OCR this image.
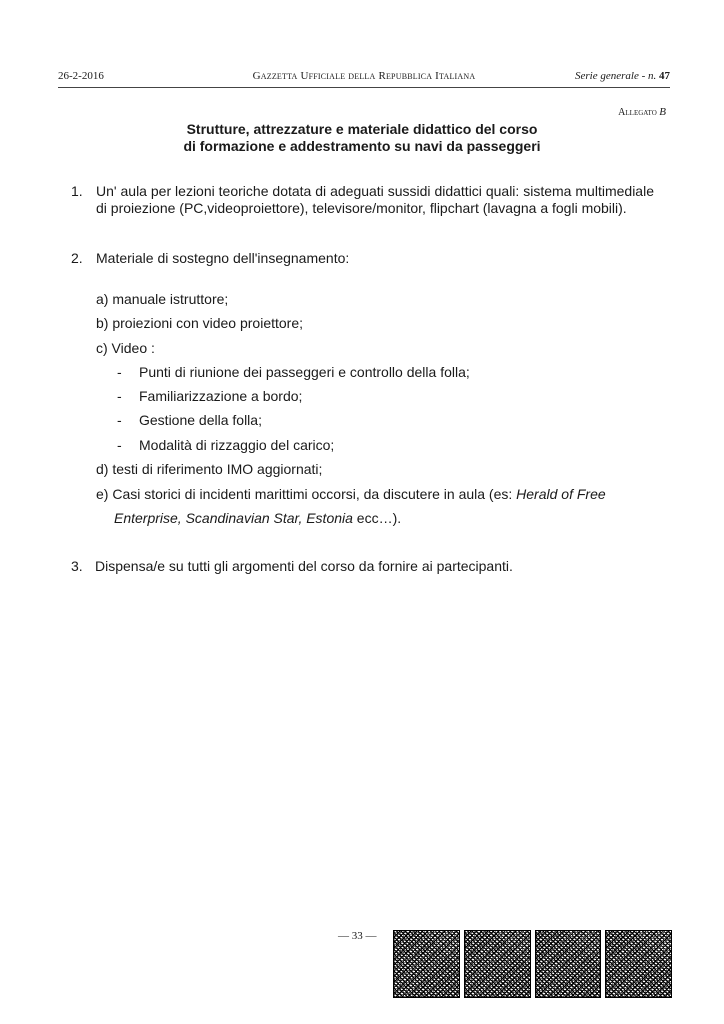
26-2-2016	Gazzetta Ufficiale della Repubblica Italiana	Serie generale - n. 47
Allegato B
Strutture, attrezzature e materiale didattico del corso
di formazione e addestramento su navi da passeggeri
1. Un' aula per lezioni teoriche dotata di adeguati sussidi didattici quali: sistema multimediale di proiezione (PC,videoproiettore), televisore/monitor, flipchart (lavagna a fogli mobili).
2. Materiale di sostegno dell'insegnamento:
a) manuale istruttore;
b) proiezioni con video proiettore;
c) Video :
- Punti di riunione dei passeggeri e controllo della folla;
- Familiarizzazione a bordo;
- Gestione della folla;
- Modalità di rizzaggio del carico;
d) testi di riferimento IMO aggiornati;
e) Casi storici di incidenti marittimi occorsi, da discutere in aula (es: Herald of Free
Enterprise, Scandinavian Star, Estonia ecc…).
3. Dispensa/e su tutti gli argomenti del corso da fornire ai partecipanti.
— 33 —
